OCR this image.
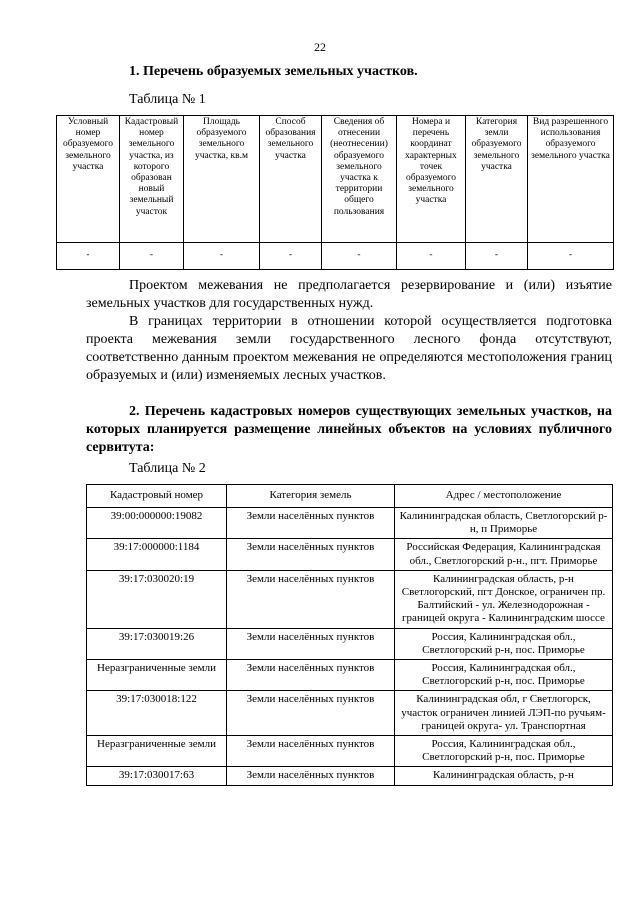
22
1. Перечень образуемых земельных участков.
Таблица № 1
Условный номер образуемого земельного участка	Кадастровый номер земельного участка, из которого образован новый земельный участок	Площадь образуемого земельного участка, кв.м	Способ образования земельного участка	Сведения об отнесении (неотнесении) образуемого земельного участка к территории общего пользования	Номера и перечень координат характерных точек образуемого земельного участка	Категория земли образуемого земельного участка	Вид разрешенного использования образуемого земельного участка
-	-	-	-	-	-	-	-

Проектом межевания не предполагается резервирование и (или) изъятие земельных участков для государственных нужд.

В границах территории в отношении которой осуществляется подготовка проекта межевания земли государственного лесного фонда отсутствуют, соответственно данным проектом межевания не определяются местоположения границ образуемых и (или) изменяемых лесных участков.

2. Перечень кадастровых номеров существующих земельных участков, на которых планируется размещение линейных объектов на условиях публичного сервитута:

Таблица № 2
Кадастровый номер	Категория земель	Адрес / местоположение
39:00:000000:19082	Земли населённых пунктов	Калининградская область, Светлогорский р-н, п Приморье
39:17:000000:1184	Земли населённых пунктов	Российская Федерация, Калининградская обл., Светлогорский р-н., пгт. Приморье
39:17:030020:19	Земли населённых пунктов	Калининградская область, р-н Светлогорский, пгт Донское, ограничен пр. Балтийский - ул. Железнодорожная - границей округа - Калининградским шоссе
39:17:030019:26	Земли населённых пунктов	Россия, Калининградская обл., Светлогорский р-н, пос. Приморье
Неразграниченные земли	Земли населённых пунктов	Россия, Калининградская обл., Светлогорский р-н, пос. Приморье
39:17:030018:122	Земли населённых пунктов	Калининградская обл, г Светлогорск, участок ограничен линией ЛЭП-по ручьям- границей округа- ул. Транспортная
Неразграниченные земли	Земли населённых пунктов	Россия, Калининградская обл., Светлогорский р-н, пос. Приморье
39:17:030017:63	Земли населённых пунктов	Калининградская область, р-н
